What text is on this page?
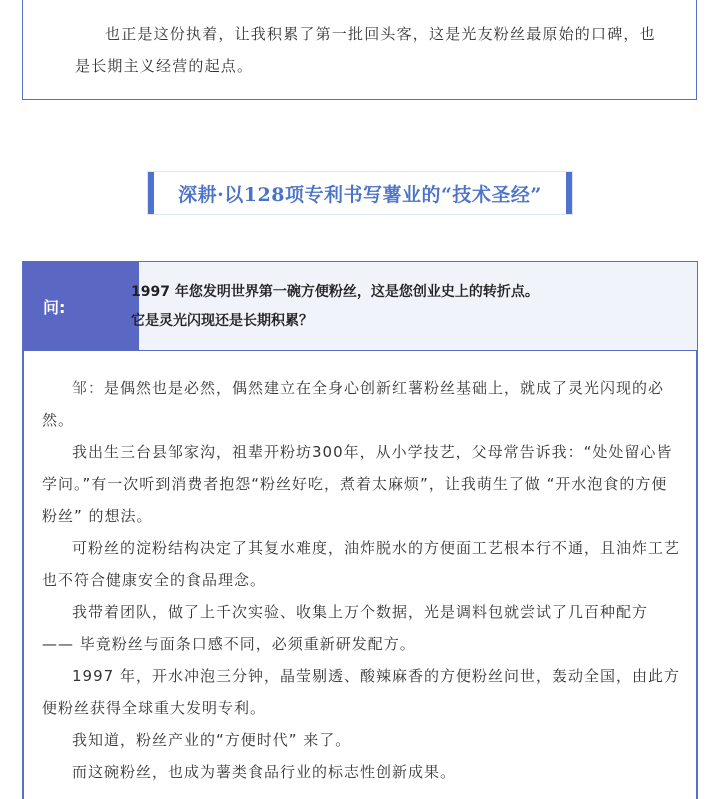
也正是这份执着，让我积累了第一批回头客，这是光友粉丝最原始的口碑，也是长期主义经营的起点。

深耕·以128项专利书写薯业的“技术圣经”
问:
1997 年您发明世界第一碗方便粉丝，这是您创业史上的转折点。
它是灵光闪现还是长期积累？

邹：是偶然也是必然，偶然建立在全身心创新红薯粉丝基础上，就成了灵光闪现的必然。

我出生三台县邹家沟，祖辈开粉坊300年，从小学技艺，父母常告诉我：“处处留心皆学问。”有一次听到消费者抱怨“粉丝好吃，煮着太麻烦”，让我萌生了做 “开水泡食的方便粉丝” 的想法。

可粉丝的淀粉结构决定了其复水难度，油炸脱水的方便面工艺根本行不通，且油炸工艺也不符合健康安全的食品理念。

我带着团队，做了上千次实验、收集上万个数据，光是调料包就尝试了几百种配方 —— 毕竟粉丝与面条口感不同，必须重新研发配方。

1997 年，开水冲泡三分钟，晶莹剔透、酸辣麻香的方便粉丝问世，轰动全国，由此方便粉丝获得全球重大发明专利。

我知道，粉丝产业的“方便时代” 来了。

而这碗粉丝，也成为薯类食品行业的标志性创新成果。
